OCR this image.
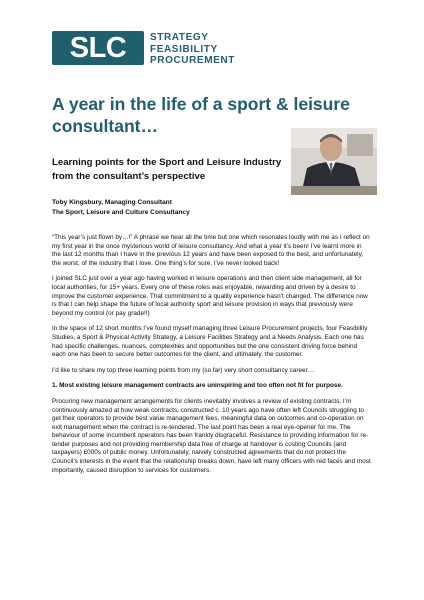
SLC STRATEGY
FEASIBILITY
PROCUREMENT
A year in the life of a sport & leisure consultant…
Learning points for the Sport and Leisure Industry from the consultant’s perspective
Toby Kingsbury, Managing Consultant
The Sport, Leisure and Culture Consultancy

“This year’s just flown by…!” A phrase we hear all the time but one which resonates loudly with me as I reflect on my first year in the once mysterious world of leisure consultancy. And what a year it’s been! I’ve learnt more in the last 12 months than I have in the previous 12 years and have been exposed to the best, and unfortunately, the worst, of the industry that I love. One thing’s for sure, I’ve never looked back!

I joined SLC just over a year ago having worked in leisure operations and then client side management, all for local authorities, for 15+ years. Every one of these roles was enjoyable, rewarding and driven by a desire to improve the customer experience. That commitment to a quality experience hasn’t changed. The difference now is that I can help shape the future of local authority sport and leisure provision in ways that previously were beyond my control (or pay grade!!)

In the space of 12 short months I’ve found myself managing three Leisure Procurement projects, four Feasibility Studies, a Sport & Physical Activity Strategy, a Leisure Facilities Strategy and a Needs Analysis. Each one has had specific challenges, nuances, complexities and opportunities but the one consistent driving force behind each one has been to secure better outcomes for the client, and ultimately, the customer.

I’d like to share my top three learning points from my (so far) very short consultancy career…

1. Most existing leisure management contracts are uninspiring and too often not fit for purpose.

Procuring new management arrangements for clients inevitably involves a review of existing contracts. I’m continuously amazed at how weak contracts, constructed c. 10 years ago have often left Councils struggling to get their operators to provide best value management fees, meaningful data on outcomes and co-operation on exit management when the contract is re-tendered. The last point has been a real eye-opener for me. The behaviour of some incumbent operators has been frankly disgraceful. Resistance to providing information for re-tender purposes and not providing membership data free of charge at handover is costing Councils (and taxpayers) £000s of public money. Unfortunately, naively constructed agreements that do not protect the Council’s interests in the event that the relationship breaks down, have left many officers with red faces and most importantly, caused disruption to services for customers.
